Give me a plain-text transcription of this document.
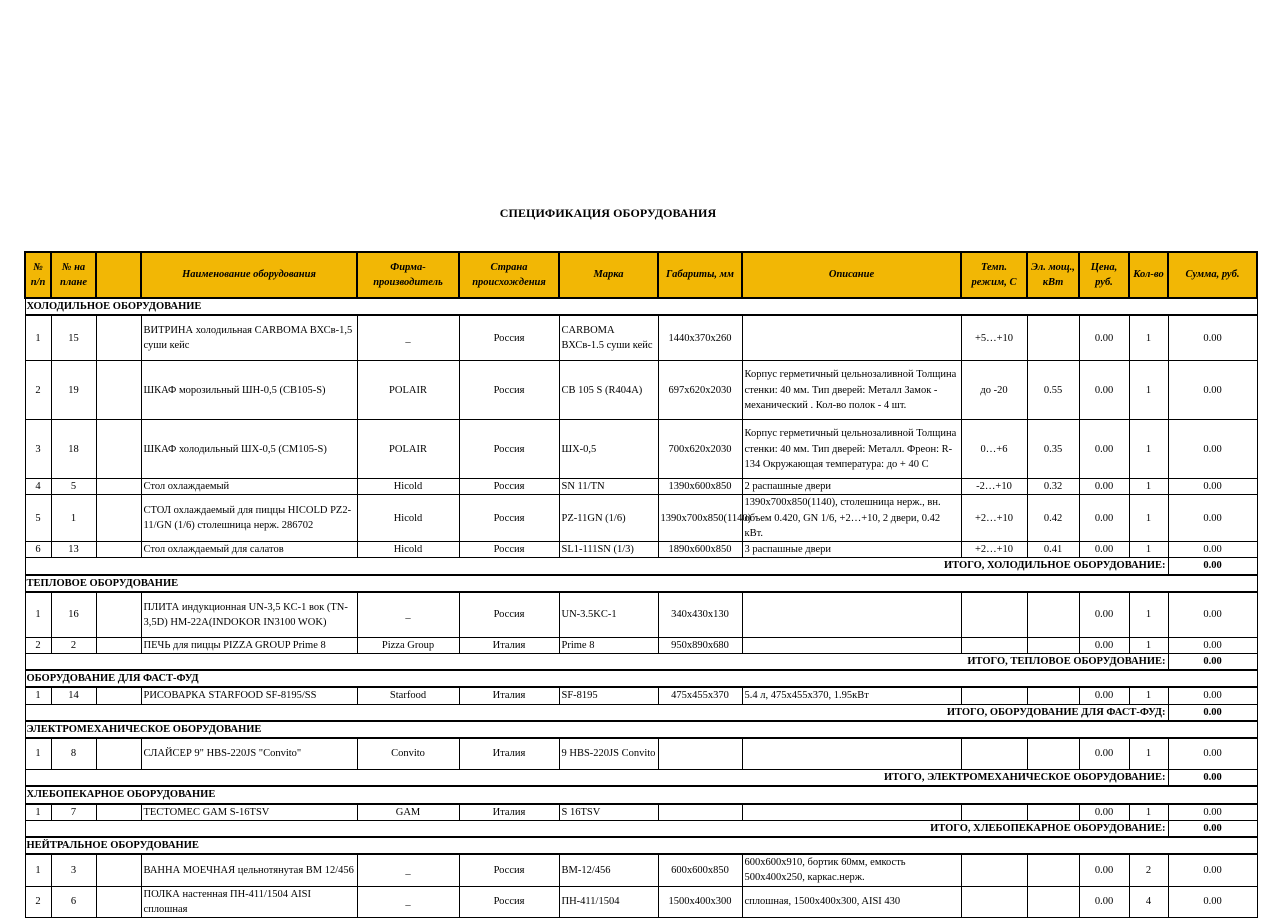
СПЕЦИФИКАЦИЯ ОБОРУДОВАНИЯ
№ п/п	№ на плане		Наименование оборудования	Фирма-производитель	Страна происхождения	Марка	Габариты, мм	Описание	Темп. режим, С	Эл. мощ., кВт	Цена, руб.	Кол-во	Сумма, руб.
ХОЛОДИЛЬНОЕ ОБОРУДОВАНИЕ													
1	15		ВИТРИНА холодильная CARBOMA ВХСв-1,5 суши кейс	_	Россия	CARBOMA ВХСв-1.5 суши кейс	1440x370x260		+5…+10		0.00	1	0.00
2	19		ШКАФ морозильный ШН-0,5 (CB105-S)	POLAIR	Россия	CB 105 S (R404A)	697x620x2030	Корпус герметичный цельнозаливной Толщина стенки: 40 мм. Тип дверей: Металл Замок - механический . Кол-во полок - 4 шт.	до -20	0.55	0.00	1	0.00
3	18		ШКАФ холодильный ШХ-0,5 (CM105-S)	POLAIR	Россия	ШХ-0,5	700x620x2030	Корпус герметичный цельнозаливной Толщина стенки: 40 мм. Тип дверей: Металл. Фреон: R-134 Окружающая температура: до + 40 С	0…+6	0.35	0.00	1	0.00
4	5		Стол охлаждаемый	Hicold	Россия	SN 11/TN	1390x600x850	2 распашные двери	-2…+10	0.32	0.00	1	0.00
5	1		СТОЛ охлаждаемый для пиццы HICOLD PZ2-11/GN (1/6) столешница нерж. 286702	Hicold	Россия	PZ-11GN (1/6)	1390x700x850(1140)	1390x700x850(1140), столешница нерж., вн. объем 0.420, GN 1/6, +2…+10, 2 двери, 0.42 кВт.	+2…+10	0.42	0.00	1	0.00
6	13		Стол охлаждаемый для салатов	Hicold	Россия	SL1-111SN (1/3)	1890x600x850	3 распашные двери	+2…+10	0.41	0.00	1	0.00
ИТОГО, ХОЛОДИЛЬНОЕ ОБОРУДОВАНИЕ:													0.00
ТЕПЛОВОЕ ОБОРУДОВАНИЕ													
1	16		ПЛИТА индукционная UN-3,5 KC-1 вок (TN-3,5D) HM-22A(INDOKOR IN3100 WOK)	_	Россия	UN-3.5KC-1	340x430x130				0.00	1	0.00
2	2		ПЕЧЬ для пиццы PIZZA GROUP Prime 8	Pizza Group	Италия	Prime 8	950x890x680				0.00	1	0.00
ИТОГО, ТЕПЛОВОЕ ОБОРУДОВАНИЕ:													0.00
ОБОРУДОВАНИЕ ДЛЯ ФАСТ-ФУД													
1	14		РИСОВАРКА STARFOOD SF-8195/SS	Starfood	Италия	SF-8195	475x455x370	5.4 л, 475x455x370, 1.95кВт			0.00	1	0.00
ИТОГО, ОБОРУДОВАНИЕ ДЛЯ ФАСТ-ФУД:													0.00
ЭЛЕКТРОМЕХАНИЧЕСКОЕ ОБОРУДОВАНИЕ													
1	8		СЛАЙСЕР 9" HBS-220JS "Convito"	Convito	Италия	9 HBS-220JS Convito					0.00	1	0.00
ИТОГО, ЭЛЕКТРОМЕХАНИЧЕСКОЕ ОБОРУДОВАНИЕ:													0.00
ХЛЕБОПЕКАРНОЕ ОБОРУДОВАНИЕ													
1	7		ТЕСТОМЕС GAM S-16TSV	GAM	Италия	S 16TSV					0.00	1	0.00
ИТОГО, ХЛЕБОПЕКАРНОЕ ОБОРУДОВАНИЕ:													0.00
НЕЙТРАЛЬНОЕ ОБОРУДОВАНИЕ													
1	3		ВАННА МОЕЧНАЯ цельнотянутая ВМ 12/456	_	Россия	ВМ-12/456	600x600x850	600x600x910, бортик 60мм, емкость 500x400x250, каркас.нерж.			0.00	2	0.00
2	6		ПОЛКА настенная ПН-411/1504 AISI сплошная	_	Россия	ПН-411/1504	1500x400x300	сплошная, 1500x400x300, AISI 430			0.00	4	0.00
